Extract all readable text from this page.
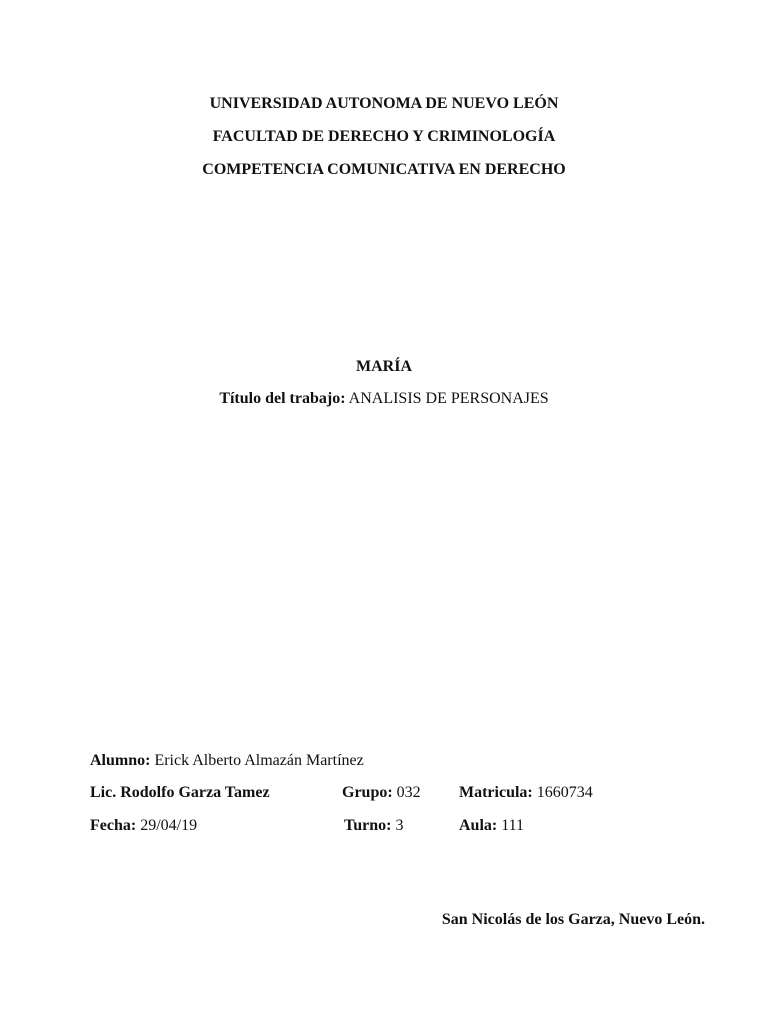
UNIVERSIDAD AUTONOMA DE NUEVO LEÓN
FACULTAD DE DERECHO Y CRIMINOLOGÍA
COMPETENCIA COMUNICATIVA EN DERECHO
MARÍA
Título del trabajo: ANALISIS DE PERSONAJES
Alumno: Erick Alberto Almazán Martínez
Lic. Rodolfo Garza Tamez	Grupo: 032 Matricula: 1660734
Fecha: 29/04/19	Turno: 3	Aula: 111
San Nicolás de los Garza, Nuevo León.
